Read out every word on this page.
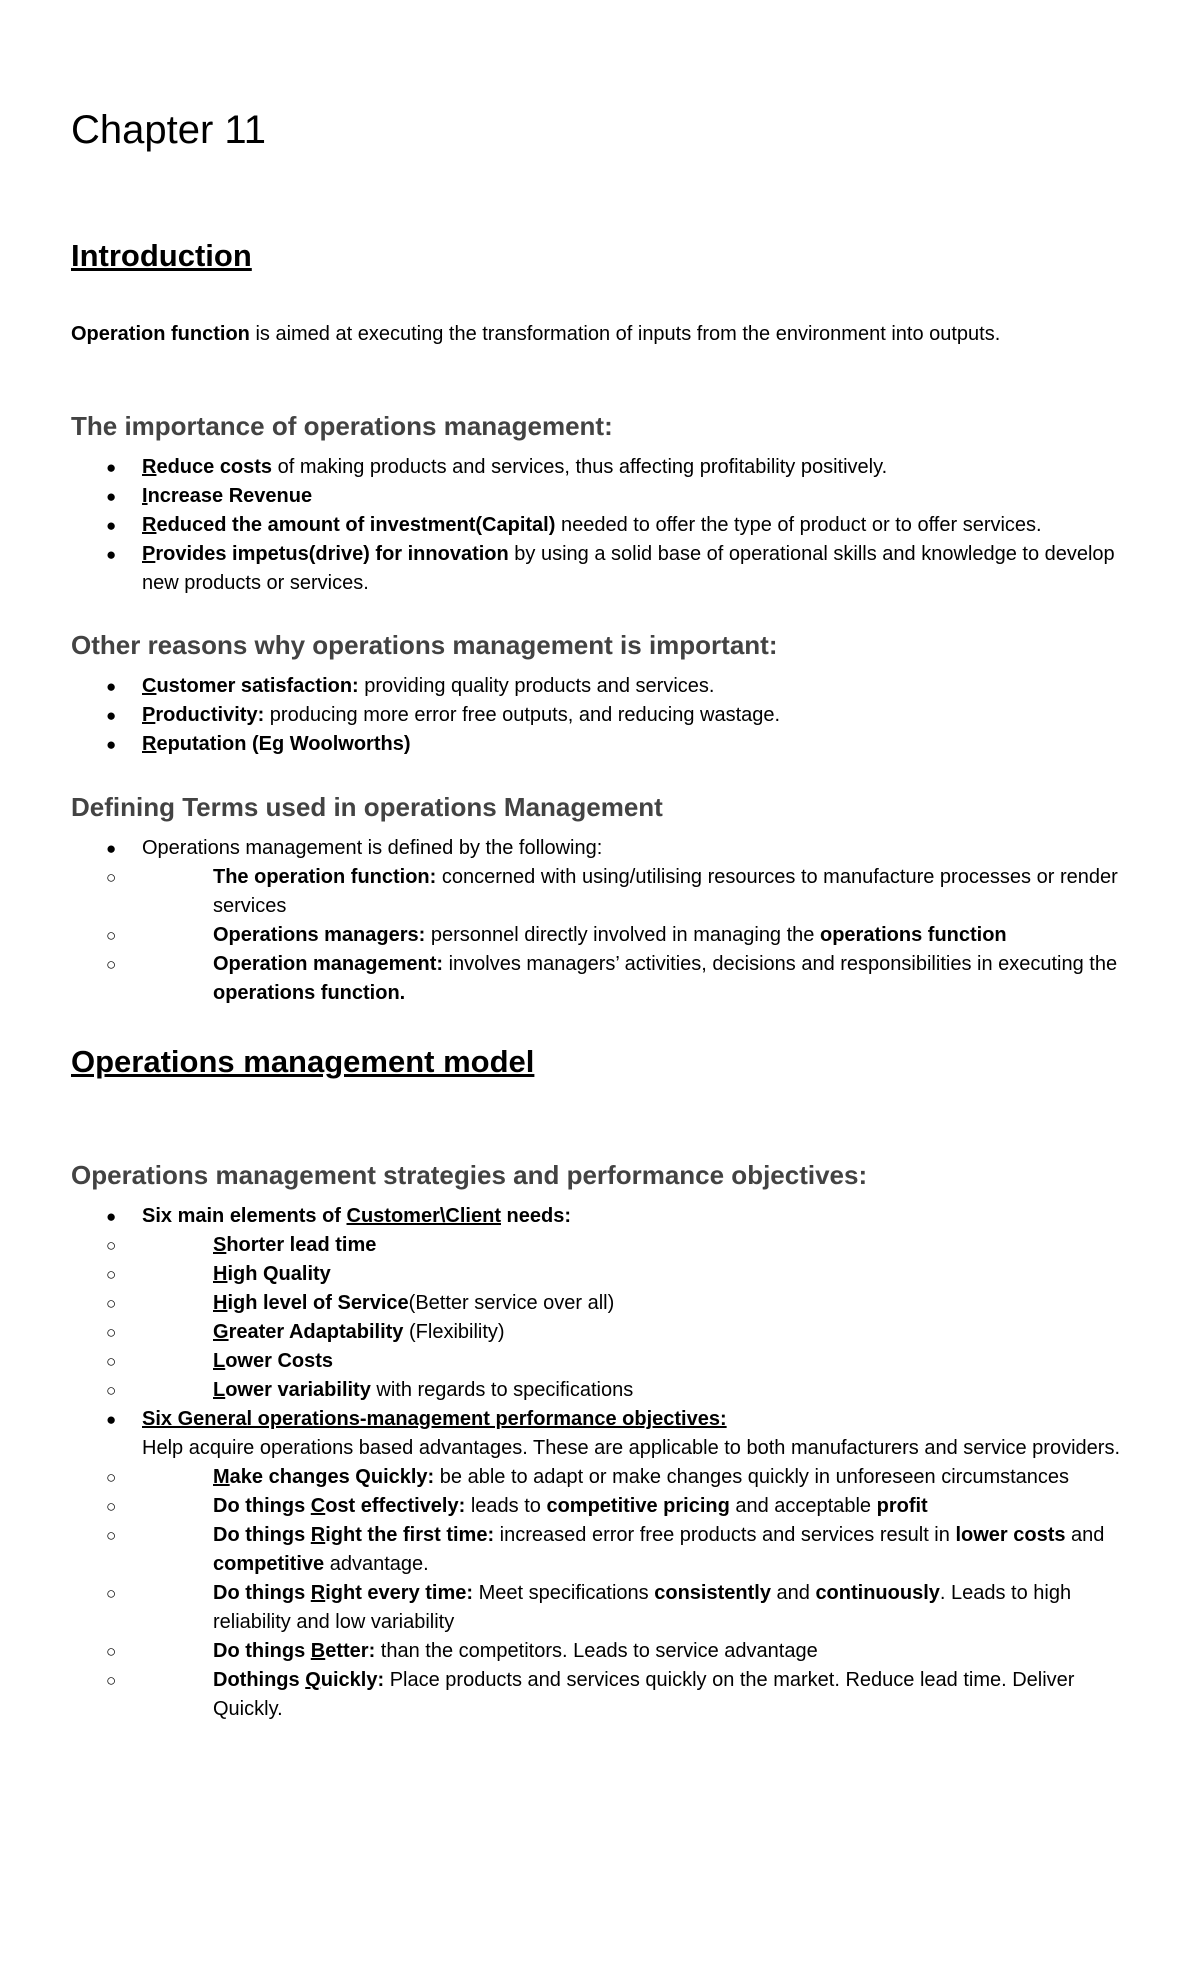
Chapter 11
Introduction

Operation function is aimed at executing the transformation of inputs from the environment into outputs.

The importance of operations management:
● Reduce costs of making products and services, thus affecting profitability positively.
● Increase Revenue
● Reduced the amount of investment(Capital) needed to offer the type of product or to offer services.
● Provides impetus(drive) for innovation by using a solid base of operational skills and knowledge to develop new products or services.
Other reasons why operations management is important:
● Customer satisfaction: providing quality products and services.
● Productivity: producing more error free outputs, and reducing wastage.
● Reputation (Eg Woolworths)
Defining Terms used in operations Management
● Operations management is defined by the following:
○ The operation function: concerned with using/utilising resources to manufacture processes or render services
○ Operations managers: personnel directly involved in managing the operations function
○ Operation management: involves managers’ activities, decisions and responsibilities in executing the operations function.
Operations management model
Operations management strategies and performance objectives:
● Six main elements of Customer\Client needs:
○ Shorter lead time
○ High Quality
○ High level of Service(Better service over all)
○ Greater Adaptability (Flexibility)
○ Lower Costs
○ Lower variability with regards to specifications
● Six General operations-management performance objectives:
Help acquire operations based advantages. These are applicable to both manufacturers and service providers.
○ Make changes Quickly: be able to adapt or make changes quickly in unforeseen circumstances
○ Do things Cost effectively: leads to competitive pricing and acceptable profit
○ Do things Right the first time: increased error free products and services result in lower costs and competitive advantage.
○ Do things Right every time: Meet specifications consistently and continuously. Leads to high reliability and low variability
○ Do things Better: than the competitors. Leads to service advantage
○ Dothings Quickly: Place products and services quickly on the market. Reduce lead time. Deliver Quickly.
